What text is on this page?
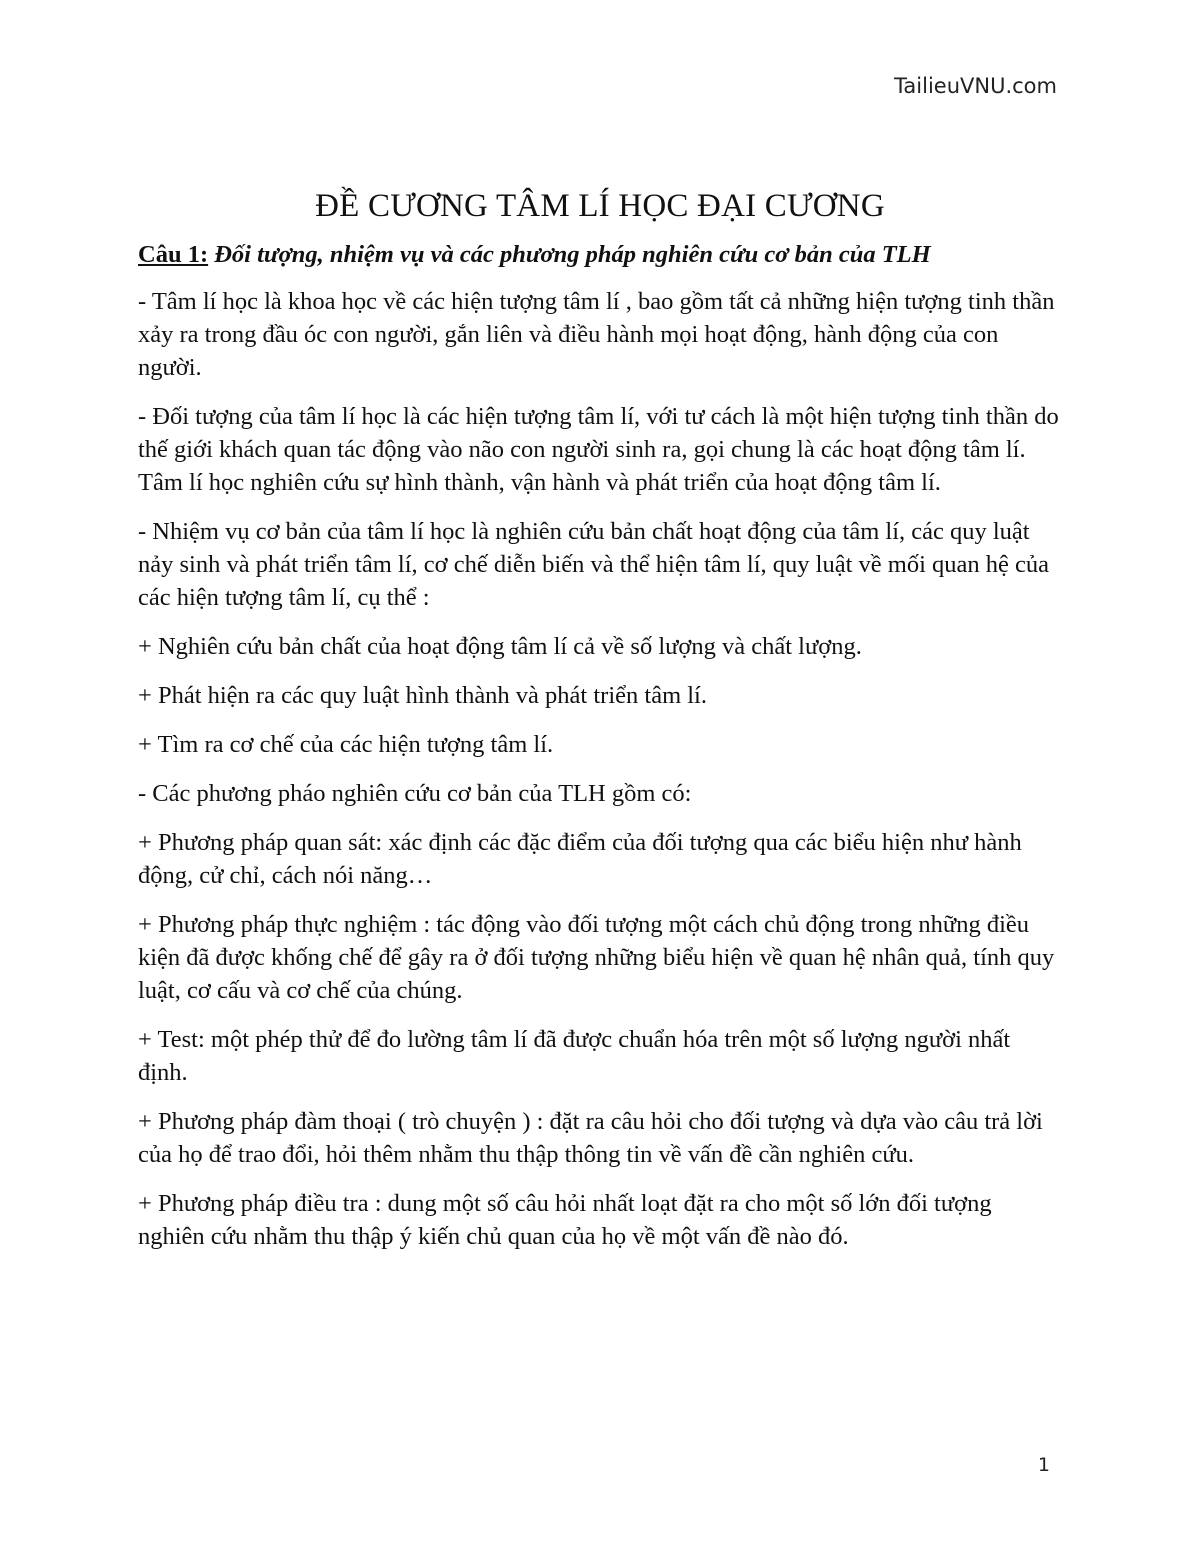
TailieuVNU.com
ĐỀ CƯƠNG TÂM LÍ HỌC ĐẠI CƯƠNG

Câu 1: Đối tượng, nhiệm vụ và các phương pháp nghiên cứu cơ bản của TLH

- Tâm lí học là khoa học về các hiện tượng tâm lí , bao gồm tất cả những hiện tượng tinh thần xảy ra trong đầu óc con người, gắn liên và điều hành mọi hoạt động, hành động của con người.

- Đối tượng của tâm lí học là các hiện tượng tâm lí, với tư cách là một hiện tượng tinh thần do thế giới khách quan tác động vào não con người sinh ra, gọi chung là các hoạt động tâm lí. Tâm lí học nghiên cứu sự hình thành, vận hành và phát triển của hoạt động tâm lí.

- Nhiệm vụ cơ bản của tâm lí học là nghiên cứu bản chất hoạt động của tâm lí, các quy luật nảy sinh và phát triển tâm lí, cơ chế diễn biến và thể hiện tâm lí, quy luật về mối quan hệ của các hiện tượng tâm lí, cụ thể :

+ Nghiên cứu bản chất của hoạt động tâm lí cả về số lượng và chất lượng.

+ Phát hiện ra các quy luật hình thành và phát triển tâm lí.

+ Tìm ra cơ chế của các hiện tượng tâm lí.

- Các phương pháo nghiên cứu cơ bản của TLH gồm có:

+ Phương pháp quan sát: xác định các đặc điểm của đối tượng qua các biểu hiện như hành động, cử chỉ, cách nói năng…

+ Phương pháp thực nghiệm : tác động vào đối tượng một cách chủ động trong những điều kiện đã được khống chế để gây ra ở đối tượng những biểu hiện về quan hệ nhân quả, tính quy luật, cơ cấu và cơ chế của chúng.

+ Test: một phép thử để đo lường tâm lí đã được chuẩn hóa trên một số lượng người nhất định.

+ Phương pháp đàm thoại ( trò chuyện ) : đặt ra câu hỏi cho đối tượng và dựa vào câu trả lời của họ để trao đổi, hỏi thêm nhằm thu thập thông tin về vấn đề cần nghiên cứu.

+ Phương pháp điều tra : dung một số câu hỏi nhất loạt đặt ra cho một số lớn đối tượng nghiên cứu nhằm thu thập ý kiến chủ quan của họ về một vấn đề nào đó.

1
